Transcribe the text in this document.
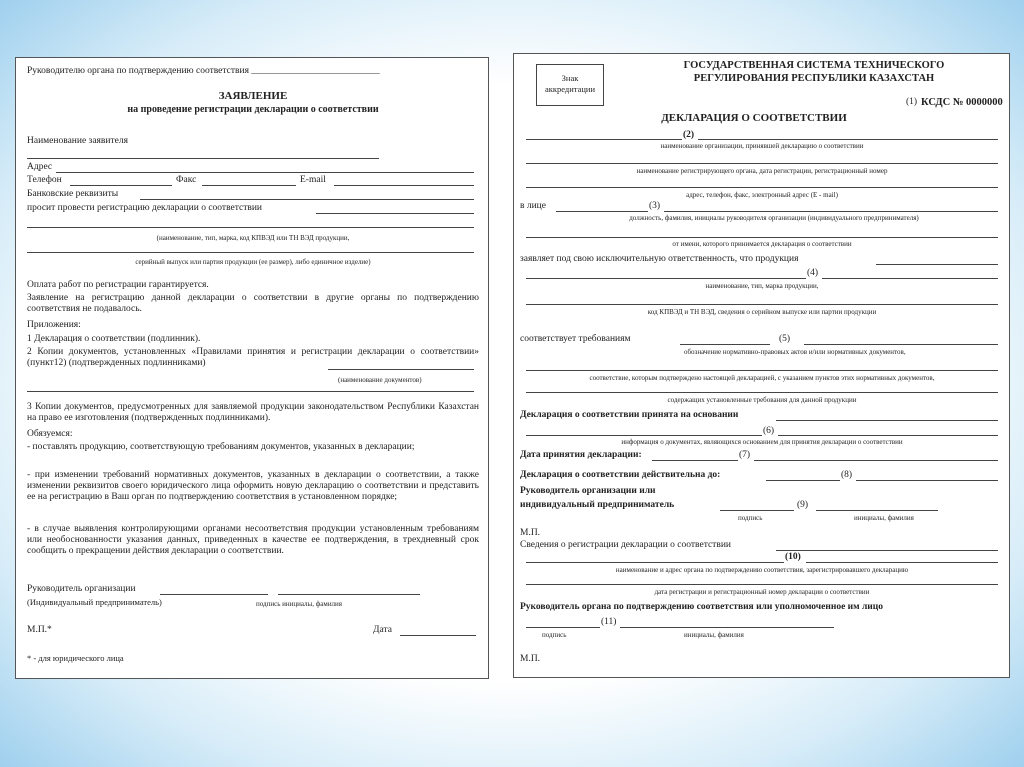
Руководителю органа по подтверждению соответствия ___________________________
ЗАЯВЛЕНИЕ
на проведение регистрации декларации о соответствии
Наименование заявителя
Адрес
Телефон	Факс	E-mail
Банковские реквизиты
просит провести регистрацию декларации о соответствии
(наименование, тип, марка, код КПВЭД или ТН ВЭД продукции,
серийный выпуск или партия продукции (ее размер), либо единичное изделие)
Оплата работ по регистрации гарантируется.
Заявление на регистрацию данной декларации о соответствии в другие органы по подтверждению соответствия не подавалось.
Приложения:
1 Декларация о соответствии (подлинник).
2 Копии документов, установленных «Правилами принятия и регистрации декларации о соответствии» (пункт12) (подтвержденных подлинниками)
(наименование документов)
3 Копии документов, предусмотренных для заявляемой продукции законодательством Республики Казахстан на право ее изготовления (подтвержденных подлинниками).
Обязуемся:
- поставлять продукцию, соответствующую требованиям документов, указанных в декларации;
- при изменении требований нормативных документов, указанных в декларации о соответствии, а также изменении реквизитов своего юридического лица оформить новую декларацию о соответствии и представить ее на регистрацию в Ваш орган по подтверждению соответствия в установленном порядке;
- в случае выявления контролирующими органами несоответствия продукции установленным требованиям или необоснованности указания данных, приведенных в качестве ее подтверждения, в трехдневный срок сообщить о прекращении действия декларации о соответствии.
Руководитель организации
(Индивидуальный предприниматель)	подпись инициалы, фамилия
М.П.*	Дата
* - для юридического лица
Знак
аккредитации
ГОСУДАРСТВЕННАЯ СИСТЕМА ТЕХНИЧЕСКОГО
РЕГУЛИРОВАНИЯ РЕСПУБЛИКИ КАЗАХСТАН
(1) КСДС № 0000000
ДЕКЛАРАЦИЯ О СООТВЕТСТВИИ
(2)
наименование организации, принявшей декларацию о соответствии
наименование регистрирующего органа, дата регистрации, регистрационный номер
адрес, телефон, факс, электронный адрес (E - mail)
в лице	(3)
должность, фамилия, инициалы руководителя организации (индивидуального предпринимателя)
от имени, которого принимается декларация о соответствии
заявляет под свою исключительную ответственность, что продукция
(4)
наименование, тип, марка продукции,
код КПВЭД и ТН ВЭД, сведения о серийном выпуске или партии продукции
соответствует требованиям	(5)
обозначение нормативно-правовых актов и/или нормативных документов,
соответствие, которым подтверждено настоящей декларацией, с указанием пунктов этих нормативных документов,
содержащих установленные требования для данной продукции
Декларация о соответствии принята на основании
(6)
информация о документах, являющихся основанием для принятия декларации о соответствии
Дата принятия декларации:	(7)
Декларация о соответствии действительна до:	(8)
Руководитель организации или
индивидуальный предприниматель	(9)
подпись	инициалы, фамилия
М.П.
Сведения о регистрации декларации о соответствии
(10)
наименование и адрес органа по подтверждению соответствия, зарегистрировавшего декларацию
дата регистрации и регистрационный номер декларации о соответствии
Руководитель органа по подтверждению соответствия или уполномоченное им лицо
(11)
подпись	инициалы, фамилия
М.П.
